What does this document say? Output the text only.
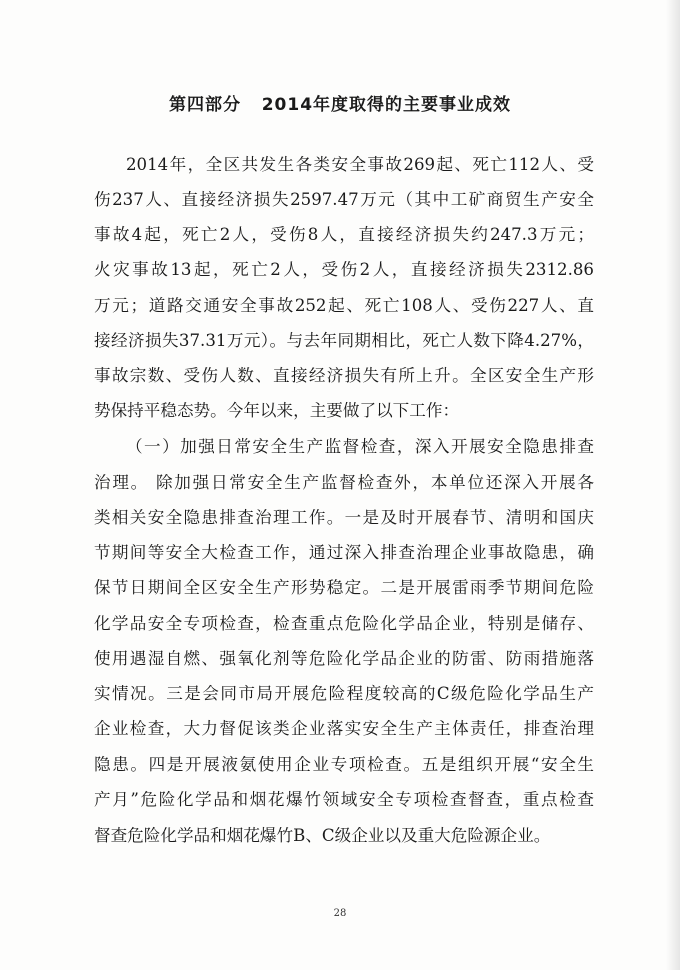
第四部分   2014年度取得的主要事业成效
2014年，全区共发生各类安全事故269起、死亡112人、受
伤237人、直接经济损失2597.47万元（其中工矿商贸生产安全
事故4起，死亡2人，受伤8人，直接经济损失约247.3万元；
火灾事故13起，死亡2人，受伤2人，直接经济损失2312.86
万元；道路交通安全事故252起、死亡108人、受伤227人、直
接经济损失37.31万元）。与去年同期相比，死亡人数下降4.27%，
事故宗数、受伤人数、直接经济损失有所上升。全区安全生产形
势保持平稳态势。今年以来，主要做了以下工作：
（一）加强日常安全生产监督检查，深入开展安全隐患排查
治理。 除加强日常安全生产监督检查外，本单位还深入开展各
类相关安全隐患排查治理工作。一是及时开展春节、清明和国庆
节期间等安全大检查工作，通过深入排查治理企业事故隐患，确
保节日期间全区安全生产形势稳定。二是开展雷雨季节期间危险
化学品安全专项检查，检查重点危险化学品企业，特别是储存、
使用遇湿自燃、强氧化剂等危险化学品企业的防雷、防雨措施落
实情况。三是会同市局开展危险程度较高的C级危险化学品生产
企业检查，大力督促该类企业落实安全生产主体责任，排查治理
隐患。四是开展液氨使用企业专项检查。五是组织开展“安全生
产月”危险化学品和烟花爆竹领域安全专项检查督查，重点检查
督查危险化学品和烟花爆竹B、C级企业以及重大危险源企业。
28
